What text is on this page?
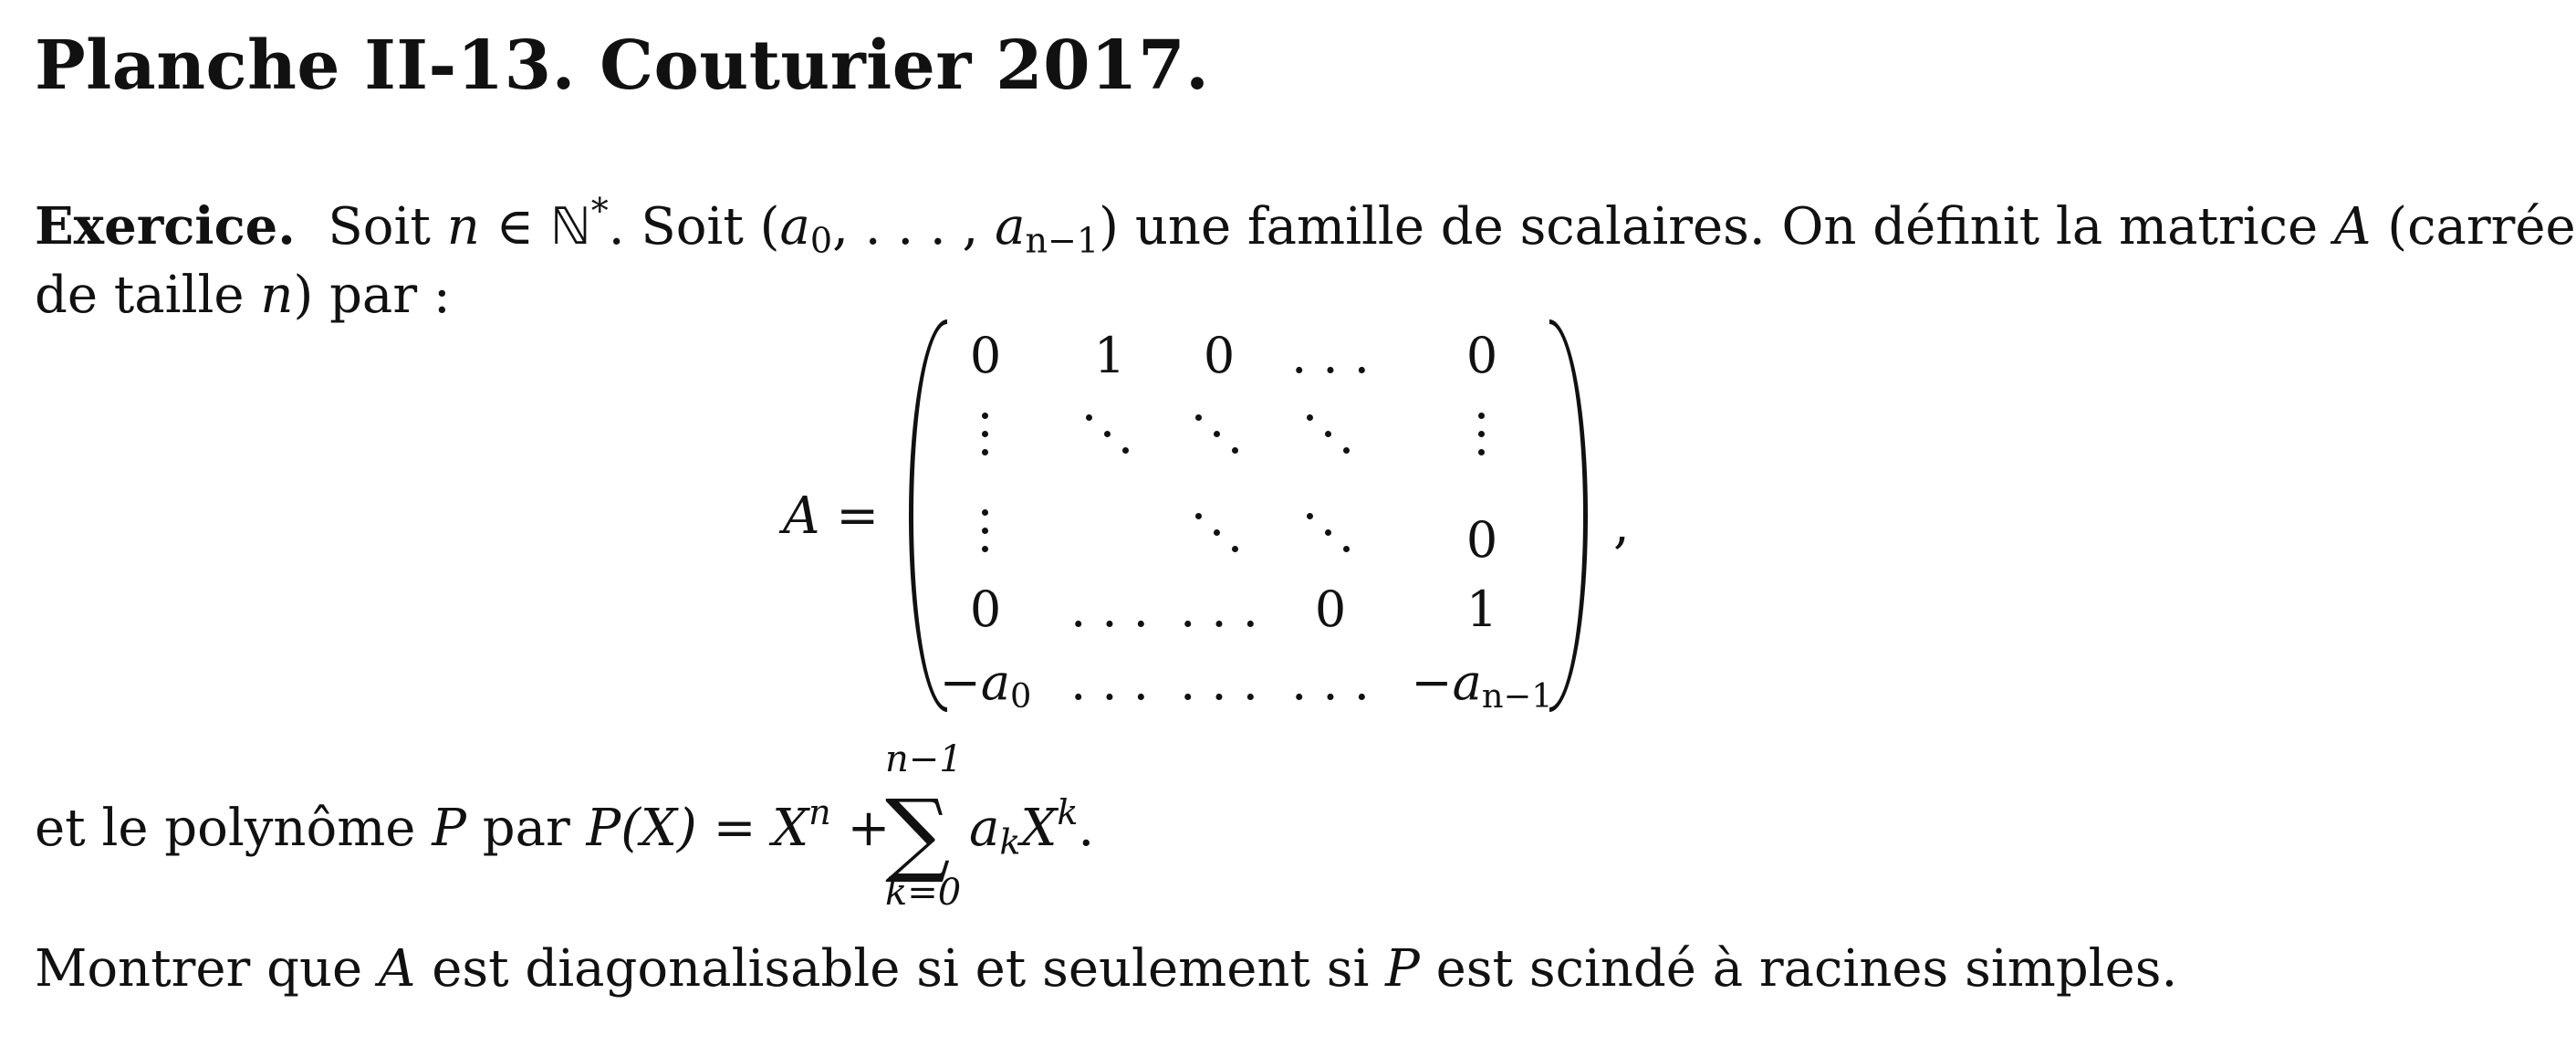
Planche II-13. Couturier 2017.
Exercice. Soit n ∈ ℕ*. Soit ($a_0$, . . . , $a_{n-1}$) une famille de scalaires. On définit la matrice A (carrée
de taille n) par :
A =	,
0 1 0 . . . 0
0
0 . . . . . . 0 1
$-a_0$ . . . . . . . . . $-a_{n-1}$
et le polynôme P par $P(X) = X^n$ +
n−1
∑
k=0
$a_kX^k$.
Montrer que A est diagonalisable si et seulement si P est scindé à racines simples.
